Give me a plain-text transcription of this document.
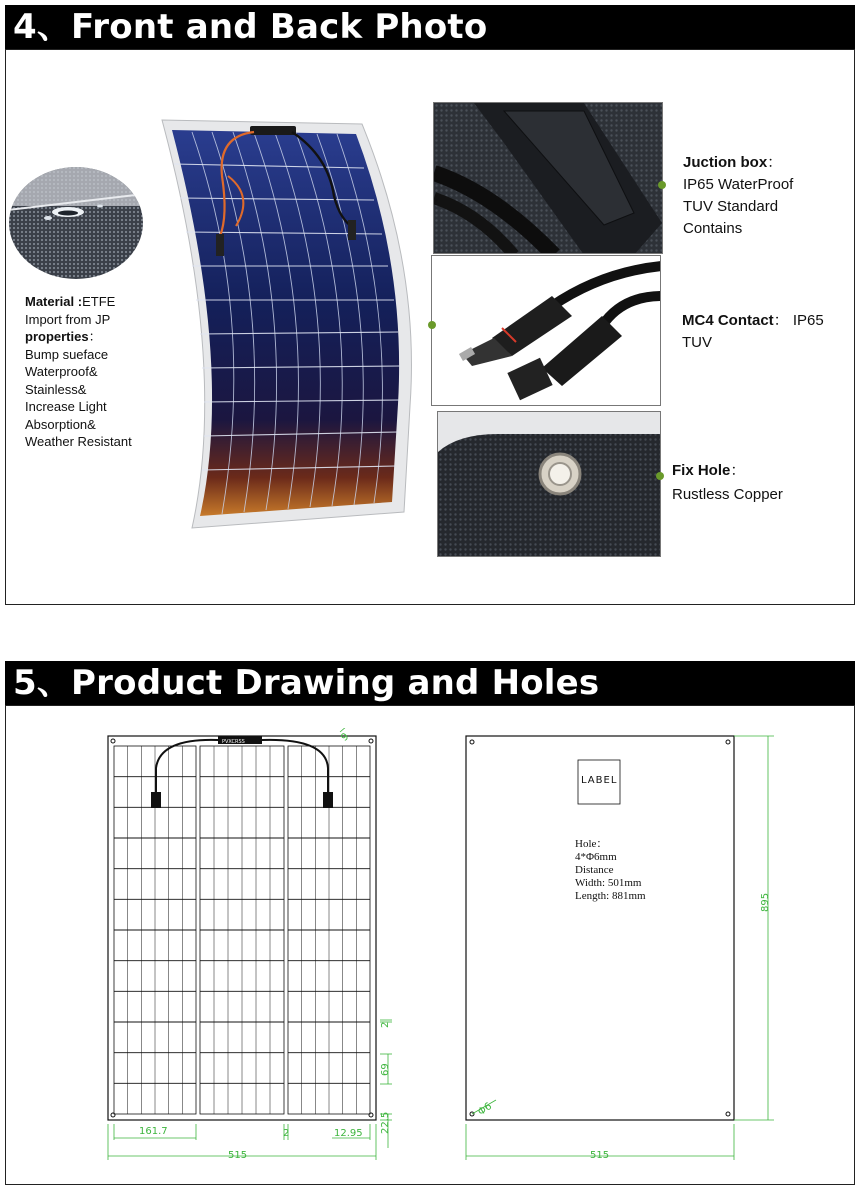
4、Front and Back Photo
Material :ETFE
Import from JP
properties：
Bump sueface
Waterproof&
Stainless&
Increase Light
Absorption&
Weather Resistant
Juction box：
IP65 WaterProof
TUV Standard
Contains
MC4 Contact： IP65
TUV
Fix Hole：
Rustless Copper
5、Product Drawing and Holes
PVXCRSS
161.7	2	12.95
515
22.5
2
69
9
LABEL
Hole：
4*Φ6mm
Distance
Width: 501mm
Length: 881mm	895
515
Φ6
